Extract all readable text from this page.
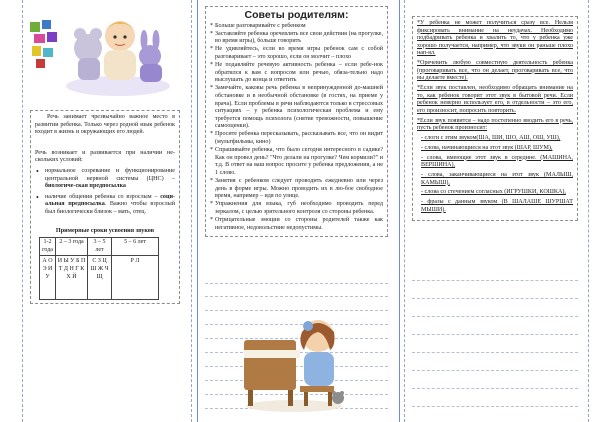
Речь занимает чрезвычайно важное место в развитии ребенка. Только через родной язык ребенок входит в жизнь и окружающих его людей.

Речь возникает и развивается при наличии не-скольких условий:

• нормальное созревание и функционирование центральной нервной системы (ЦНС) – биологиче-ская предпосылка
• наличие общения ребенка со взрослым – соци-альная предпосылка. Важно чтобы взрослый был биологически близок – мать, отец.
Примерные сроки усвоения звуков
1-2 года	2 – 3 года	3 – 5 лет	5 – 6 лет
А О Э И У	И Ы У Б П Т Д Н Г К Х Й	С З Ц Ш Ж Ч Щ	Р Л
Советы родителям:
* Больше разговаривайте с ребенком
* Заставляйте ребенка оречевлять все свои действия (на прогулке, во время игры), больше говорить
* Не удивляйтесь, если во время игры ребенок сам с собой разговаривает – это хорошо, если он молчит – плохо
* Не подавляйте речевую активность ребенка – если ребе-нок обратился к вам с вопросом или речью, обяза-тельно надо выслушать до конца и ответить
* Замечайте, каковы речь ребенка в непринужденной до-машней обстановке и в необычной обстановке (в гостях, на приеме у врача). Если проблемы в речи наблюдаются только в стрессовых ситуациях – у ребенка психологическая проблема и ему требуется помощь психолога (снятие тревожности, повышение самооценки).
* Просите ребенка пересказывать, рассказывать все, что он видит (мультфильмы, кино)
* Спрашивайте ребенка, что было сегодня интересного в садике? Как он провел день? "Что делали на прогулке? Чем кормили?" и т.д. В ответ на ваш вопрос просите у ребенка предложения, а не 1 слово.
* Занятия с ребенком следует проводить ежедневно или через день в форме игры. Можно проводить их в лю-бое свободное время, например – идя по улице.
* Упражнения для языка, губ необходимо проводить перед зеркалом, с целью зрительного контроля со стороны ребенка.
* Отрицательные эмоции со стороны родителей также как негативное, недовольствие недопустимы.

*У ребенка не может получиться сразу все. Нельзя фиксировать внимание на неудачах. Необходимо подбадривать ребенка и хвалить то, что у ребенка уже хорошо получается, например, что звуки он раньше плохо нап-ял.

*Оречевить любую совместную деятельность ребенка (проговаривать все, что он делает, проговаривать все, что вы делаете вместе).

*Если звук поставлен, необходимо обращать внимание на то, как ребенок говорит этот звук в бытовой речи. Если ребенок неверно использует его, в отдельности – это его, его произносит, попросить повторить.

*Если звук появится – надо постепенно вводить его в речь, пусть ребенок произносит:

- слоги с этим звуком(ША, ШИ, ШО, АШ, ОШ, УШ),

- слова, начинающиеся на этот звук (ШАР, ШУМ),

- слова, имеющие этот звук в середине. (МАШИНА, ВЕРШИНА),

- слова, заканчивающиеся на этот звук (МАЛЫШ, КАМЫШ),

- слова со стечением согласных (ИГРУШКИ, КОШКА),

- фразы с данным звуком (В ШАЛАШЕ ШУРШАТ МЫШИ).
